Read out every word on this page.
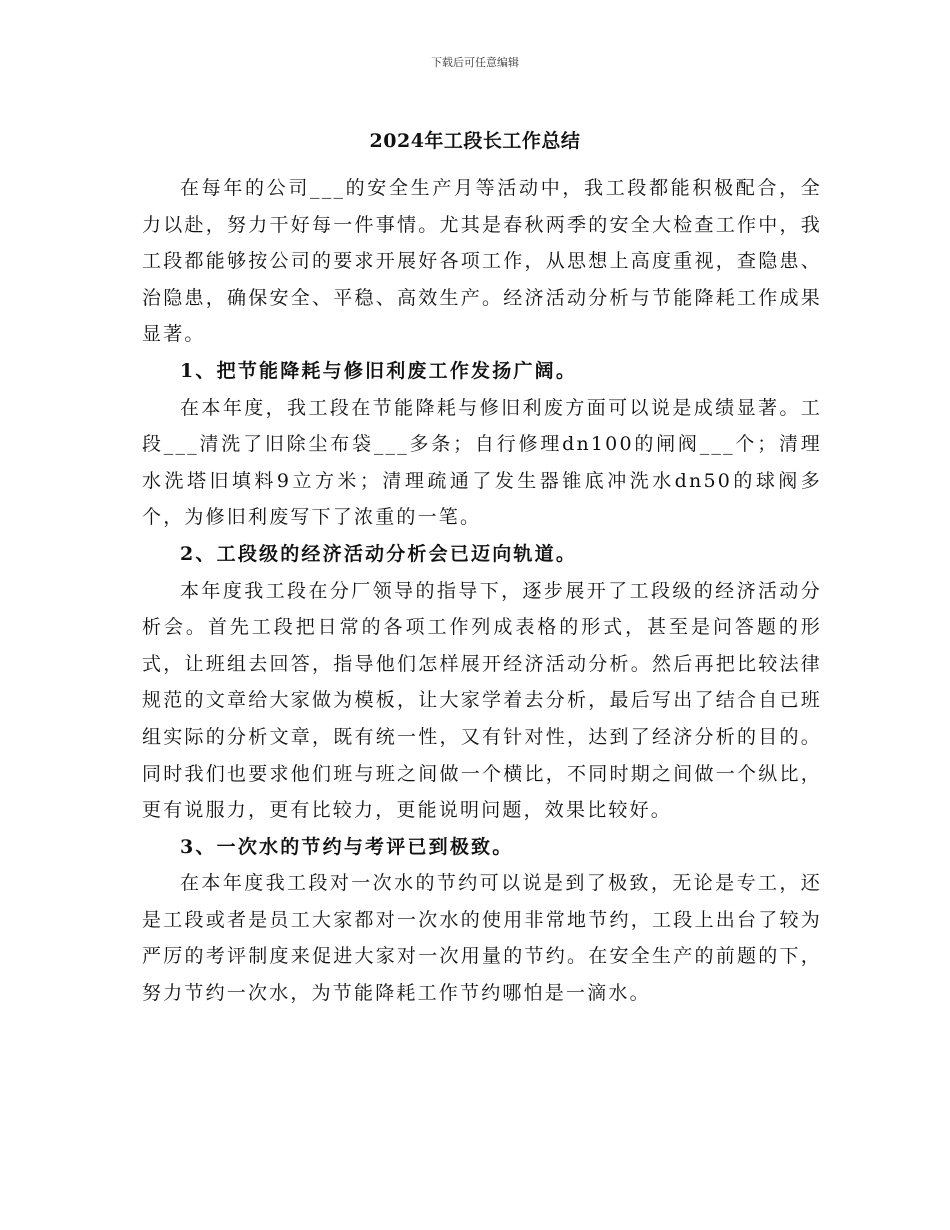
下载后可任意编辑
2024年工段长工作总结

在每年的公司___的安全生产月等活动中，我工段都能积极配合，全力以赴，努力干好每一件事情。尤其是春秋两季的安全大检查工作中，我工段都能够按公司的要求开展好各项工作，从思想上高度重视，查隐患、治隐患，确保安全、平稳、高效生产。经济活动分析与节能降耗工作成果显著。

1、把节能降耗与修旧利废工作发扬广阔。

在本年度，我工段在节能降耗与修旧利废方面可以说是成绩显著。工段___清洗了旧除尘布袋___多条；自行修理dn100的闸阀___个；清理水洗塔旧填料9立方米；清理疏通了发生器锥底冲洗水dn50的球阀多个，为修旧利废写下了浓重的一笔。

2、工段级的经济活动分析会已迈向轨道。

本年度我工段在分厂领导的指导下，逐步展开了工段级的经济活动分析会。首先工段把日常的各项工作列成表格的形式，甚至是问答题的形式，让班组去回答，指导他们怎样展开经济活动分析。然后再把比较法律规范的文章给大家做为模板，让大家学着去分析，最后写出了结合自已班组实际的分析文章，既有统一性，又有针对性，达到了经济分析的目的。同时我们也要求他们班与班之间做一个横比，不同时期之间做一个纵比，更有说服力，更有比较力，更能说明问题，效果比较好。

3、一次水的节约与考评已到极致。

在本年度我工段对一次水的节约可以说是到了极致，无论是专工，还是工段或者是员工大家都对一次水的使用非常地节约，工段上出台了较为严厉的考评制度来促进大家对一次用量的节约。在安全生产的前题的下，努力节约一次水，为节能降耗工作节约哪怕是一滴水。
